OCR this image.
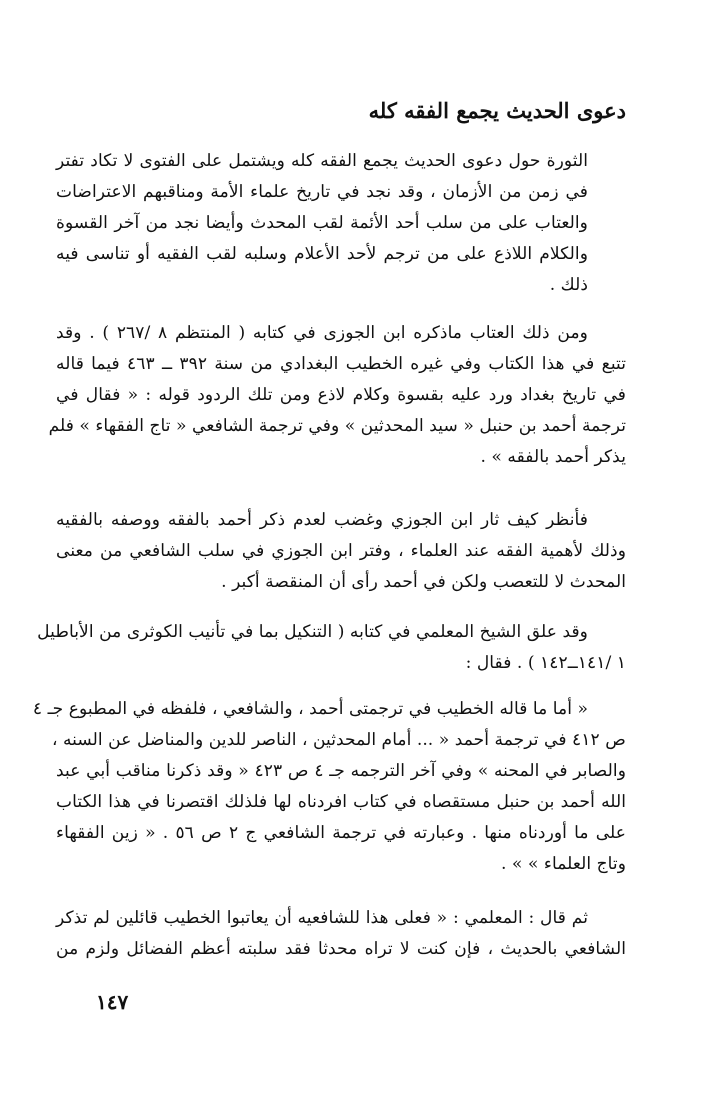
دعوى الحديث يجمع الفقه كله

الثورة حول دعوى الحديث يجمع الفقه كله ويشتمل على الفتوى لا تكاد تفتر
في زمن من الأزمان ، وقد نجد في تاريخ علماء الأمة ومناقبهم الاعتراضات
والعتاب على من سلب أحد الأئمة لقب المحدث وأيضا نجد من آخر القسوة
والكلام اللاذع على من ترجم لأحد الأعلام وسلبه لقب الفقيه أو تناسى فيه
ذلك .

ومن ذلك العتاب ماذكره ابن الجوزى في كتابه ( المنتظم ٨ /٢٦٧ ) . وقد
تتبع في هذا الكتاب وفي غيره الخطيب البغدادي من سنة ٣٩٢ ــ ٤٦٣ فيما قاله
في تاريخ بغداد ورد عليه بقسوة وكلام لاذع ومن تلك الردود قوله : « فقال في
ترجمة أحمد بن حنبل « سيد المحدثين » وفي ترجمة الشافعي « تاج الفقهاء » فلم
يذكر أحمد بالفقه » .

فأنظر كيف ثار ابن الجوزي وغضب لعدم ذكر أحمد بالفقه ووصفه بالفقيه
وذلك لأهمية الفقه عند العلماء ، وفتر ابن الجوزي في سلب الشافعي من معنى
المحدث لا للتعصب ولكن في أحمد رأى أن المنقصة أكبر .

وقد علق الشيخ المعلمي في كتابه ( التنكيل بما في تأنيب الكوثرى من الأباطيل
١ /١٤١ــ١٤٢ ) . فقال :

« أما ما قاله الخطيب في ترجمتى أحمد ، والشافعي ، فلفظه في المطبوع جـ ٤
ص ٤١٢ في ترجمة أحمد « ... أمام المحدثين ، الناصر للدين والمناضل عن السنه ،
والصابر في المحنه » وفي آخر الترجمه جـ ٤ ص ٤٢٣ « وقد ذكرنا مناقب أبي عبد
الله أحمد بن حنبل مستقصاه في كتاب افردناه لها فلذلك اقتصرنا في هذا الكتاب
على ما أوردناه منها . وعبارته في ترجمة الشافعي ج ٢ ص ٥٦ . « زين الفقهاء
وتاج العلماء » » .

ثم قال : المعلمي : « فعلى هذا للشافعيه أن يعاتبوا الخطيب قائلين لم تذكر
الشافعي بالحديث ، فإن كنت لا تراه محدثا فقد سلبته أعظم الفضائل ولزم من

١٤٧
